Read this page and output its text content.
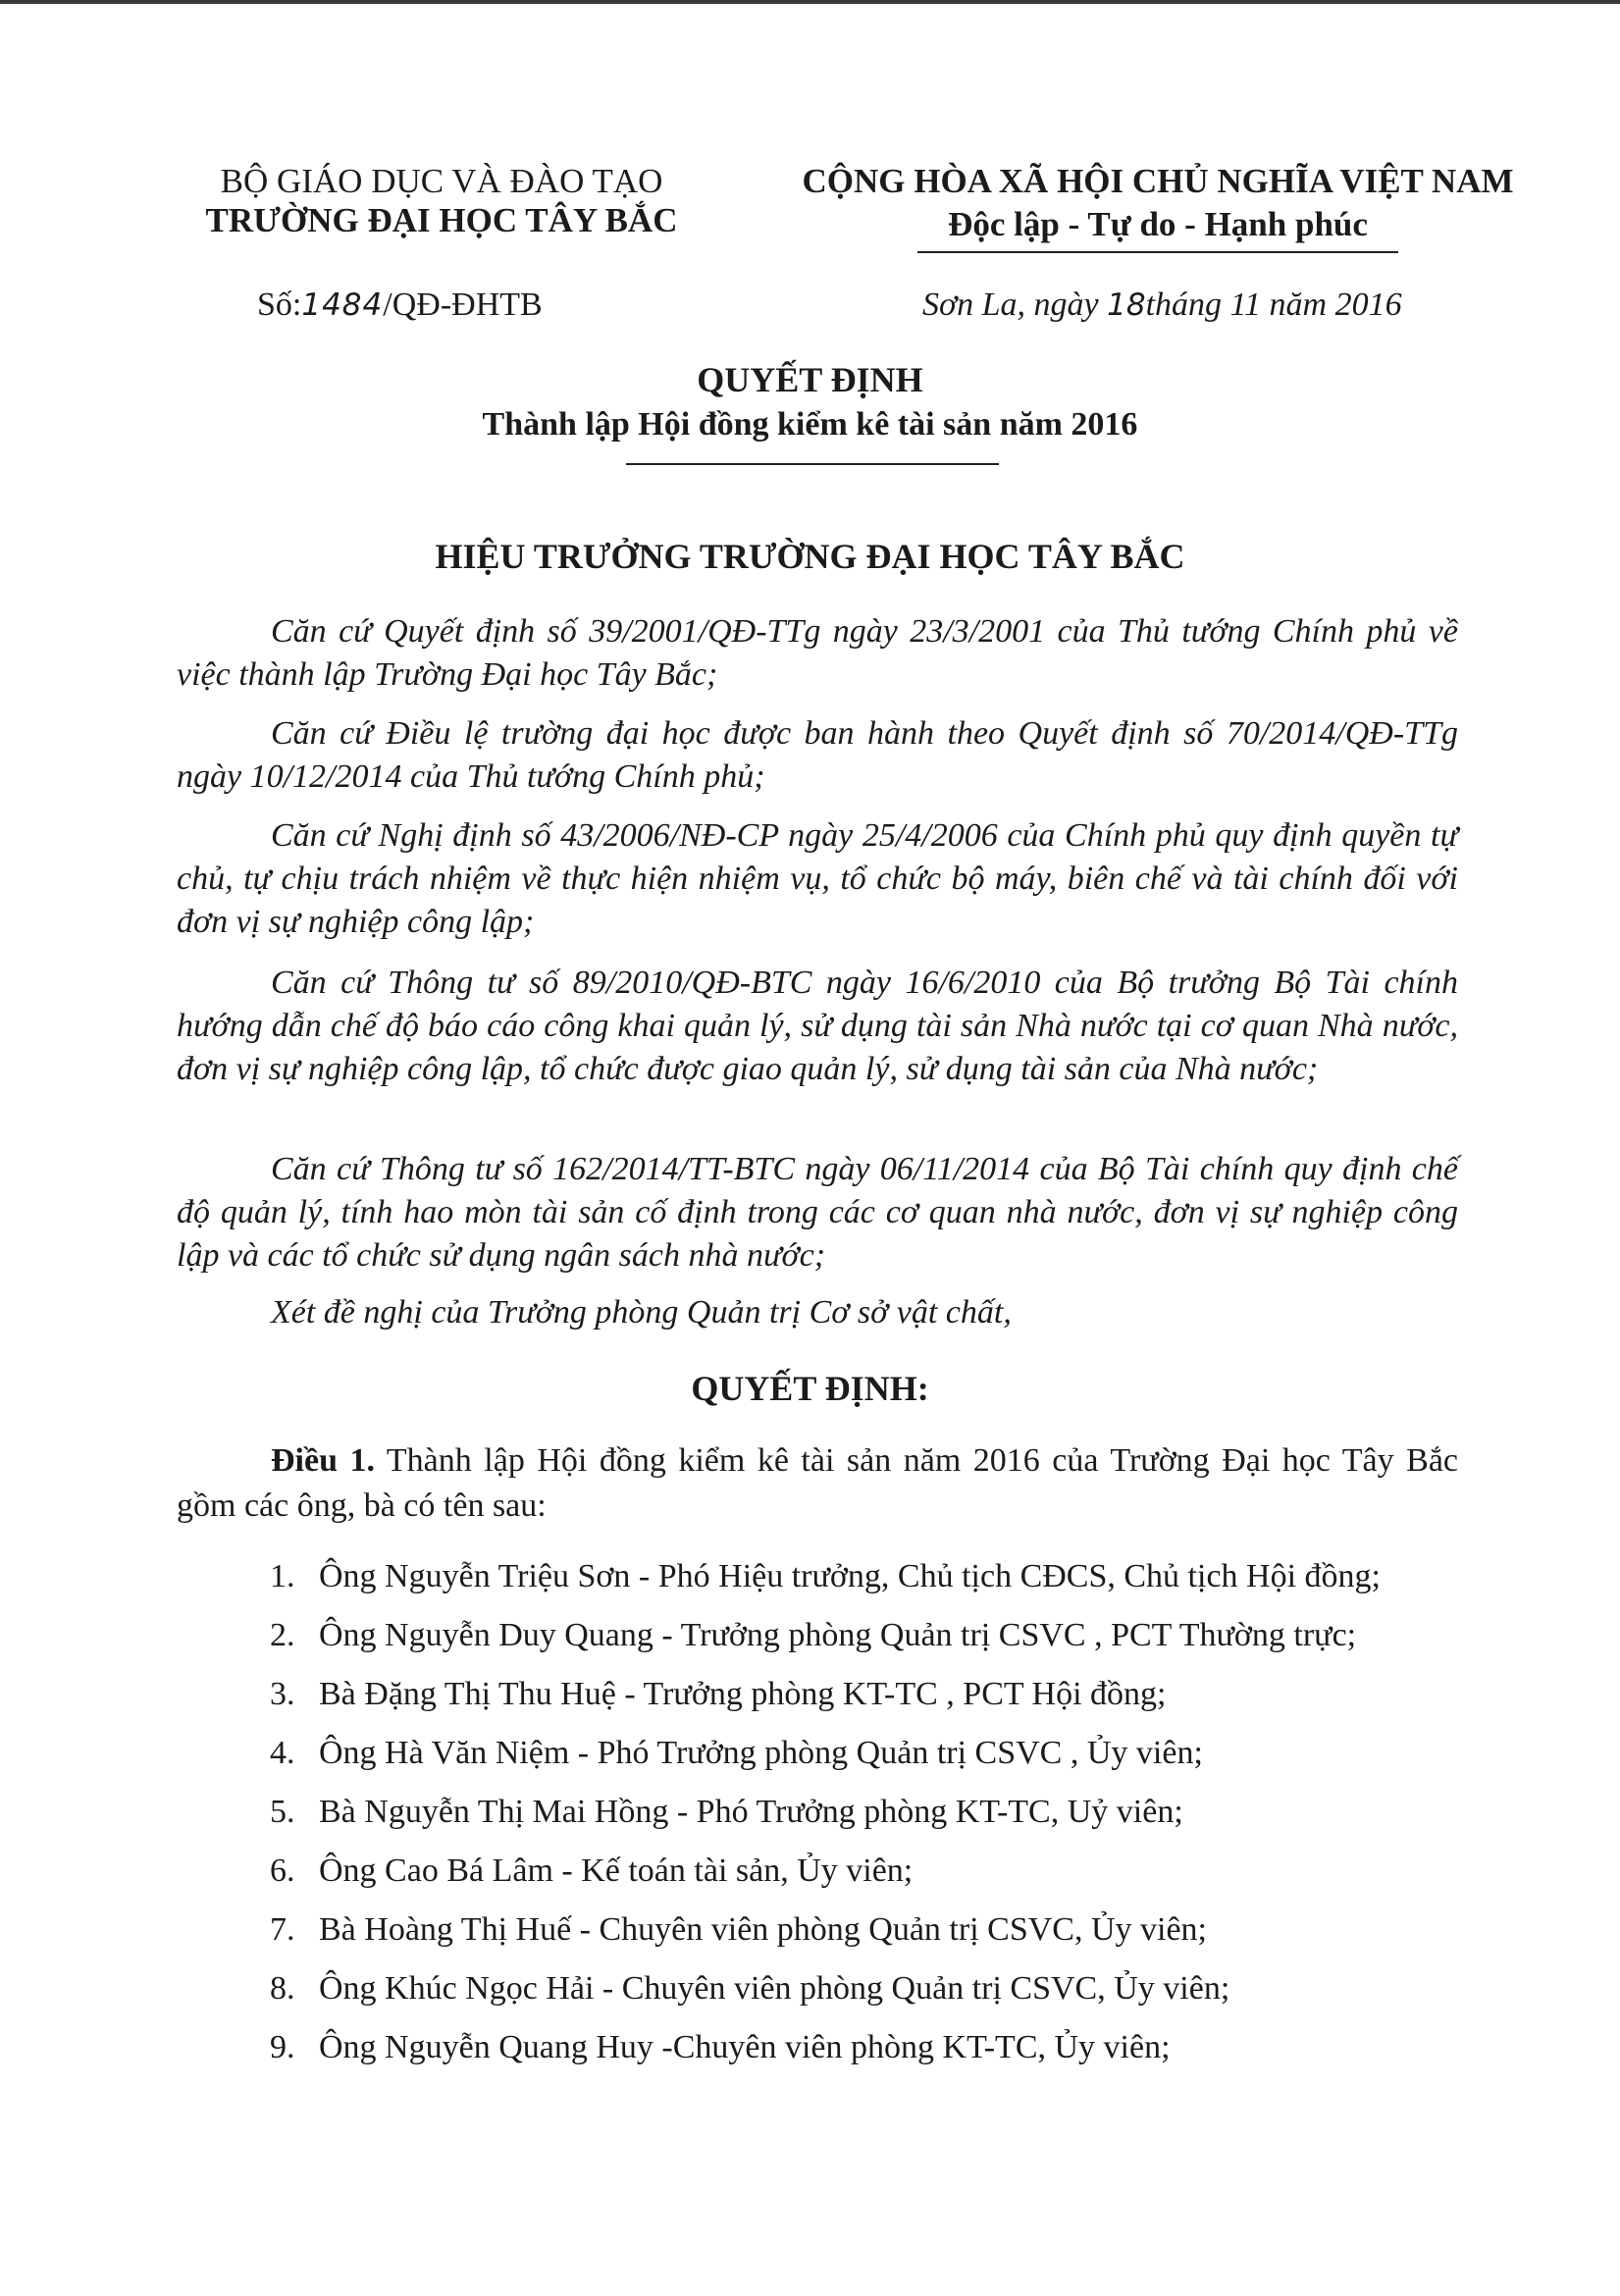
BỘ GIÁO DỤC VÀ ĐÀO TẠO
TRƯỜNG ĐẠI HỌC TÂY BẮC
CỘNG HÒA XÃ HỘI CHỦ NGHĨA VIỆT NAM
Độc lập - Tự do - Hạnh phúc
Số:1484/QĐ-ĐHTB	Sơn La, ngày 18tháng 11 năm 2016
QUYẾT ĐỊNH
Thành lập Hội đồng kiểm kê tài sản năm 2016
HIỆU TRƯỞNG TRƯỜNG ĐẠI HỌC TÂY BẮC
Căn cứ Quyết định số 39/2001/QĐ-TTg ngày 23/3/2001 của Thủ tướng Chính phủ về việc thành lập Trường Đại học Tây Bắc;
Căn cứ Điều lệ trường đại học được ban hành theo Quyết định số 70/2014/QĐ-TTg ngày 10/12/2014 của Thủ tướng Chính phủ;
Căn cứ Nghị định số 43/2006/NĐ-CP ngày 25/4/2006 của Chính phủ quy định quyền tự chủ, tự chịu trách nhiệm về thực hiện nhiệm vụ, tổ chức bộ máy, biên chế và tài chính đối với đơn vị sự nghiệp công lập;
Căn cứ Thông tư số 89/2010/QĐ-BTC ngày 16/6/2010 của Bộ trưởng Bộ Tài chính hướng dẫn chế độ báo cáo công khai quản lý, sử dụng tài sản Nhà nước tại cơ quan Nhà nước, đơn vị sự nghiệp công lập, tổ chức được giao quản lý, sử dụng tài sản của Nhà nước;
Căn cứ Thông tư số 162/2014/TT-BTC ngày 06/11/2014 của Bộ Tài chính quy định chế độ quản lý, tính hao mòn tài sản cố định trong các cơ quan nhà nước, đơn vị sự nghiệp công lập và các tổ chức sử dụng ngân sách nhà nước;
Xét đề nghị của Trưởng phòng Quản trị Cơ sở vật chất,
QUYẾT ĐỊNH:
Điều 1. Thành lập Hội đồng kiểm kê tài sản năm 2016 của Trường Đại học Tây Bắc gồm các ông, bà có tên sau:
1. Ông Nguyễn Triệu Sơn - Phó Hiệu trưởng, Chủ tịch CĐCS, Chủ tịch Hội đồng;
2. Ông Nguyễn Duy Quang - Trưởng phòng Quản trị CSVC , PCT Thường trực;
3. Bà Đặng Thị Thu Huệ - Trưởng phòng KT-TC , PCT Hội đồng;
4. Ông Hà Văn Niệm - Phó Trưởng phòng Quản trị CSVC , Ủy viên;
5. Bà Nguyễn Thị Mai Hồng - Phó Trưởng phòng KT-TC, Uỷ viên;
6. Ông Cao Bá Lâm - Kế toán tài sản, Ủy viên;
7. Bà Hoàng Thị Huế - Chuyên viên phòng Quản trị CSVC, Ủy viên;
8. Ông Khúc Ngọc Hải - Chuyên viên phòng Quản trị CSVC, Ủy viên;
9. Ông Nguyễn Quang Huy -Chuyên viên phòng KT-TC, Ủy viên;
